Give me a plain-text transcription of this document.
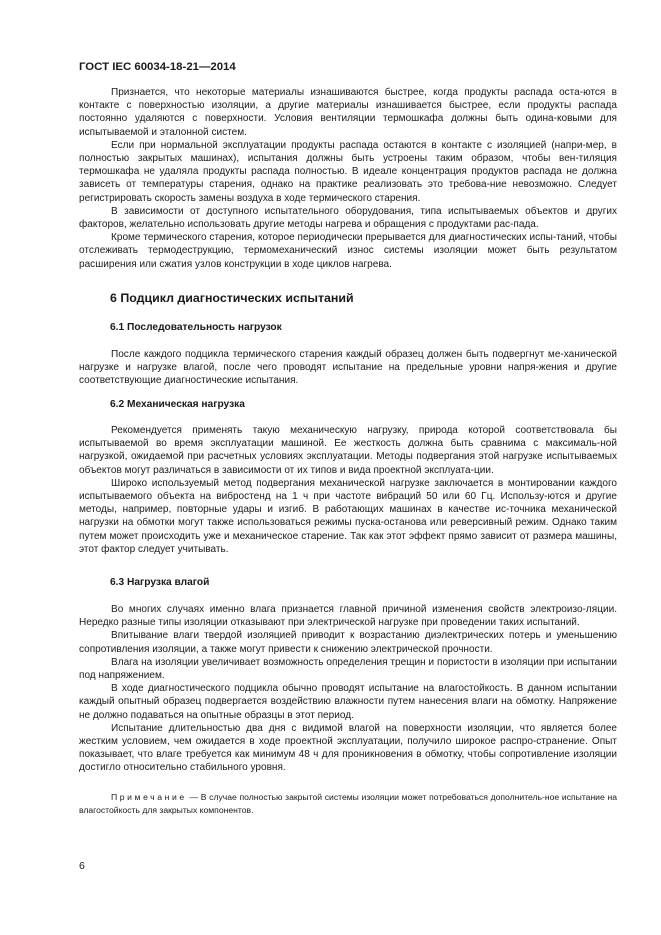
ГОСТ IEC 60034-18-21—2014

Признается, что некоторые материалы изнашиваются быстрее, когда продукты распада оста-ются в контакте с поверхностью изоляции, а другие материалы изнашивается быстрее, если продукты распада постоянно удаляются с поверхности. Условия вентиляции термошкафа должны быть одина-ковыми для испытываемой и эталонной систем.

Если при нормальной эксплуатации продукты распада остаются в контакте с изоляцией (напри-мер, в полностью закрытых машинах), испытания должны быть устроены таким образом, чтобы вен-тиляция термошкафа не удаляла продукты распада полностью. В идеале концентрация продуктов распада не должна зависеть от температуры старения, однако на практике реализовать это требова-ние невозможно. Следует регистрировать скорость замены воздуха в ходе термического старения.

В зависимости от доступного испытательного оборудования, типа испытываемых объектов и других факторов, желательно использовать другие методы нагрева и обращения с продуктами рас-пада.

Кроме термического старения, которое периодически прерывается для диагностических испы-таний, чтобы отслеживать термодеструкцию, термомеханический износ системы изоляции может быть результатом расширения или сжатия узлов конструкции в ходе циклов нагрева.

6 Подцикл диагностических испытаний
6.1 Последовательность нагрузок

После каждого подцикла термического старения каждый образец должен быть подвергнут ме-ханической нагрузке и нагрузке влагой, после чего проводят испытание на предельные уровни напря-жения и другие соответствующие диагностические испытания.

6.2 Механическая нагрузка

Рекомендуется применять такую механическую нагрузку, природа которой соответствовала бы испытываемой во время эксплуатации машиной. Ее жесткость должна быть сравнима с максималь-ной нагрузкой, ожидаемой при расчетных условиях эксплуатации. Методы подвергания этой нагрузке испытываемых объектов могут различаться в зависимости от их типов и вида проектной эксплуата-ции.

Широко используемый метод подвергания механической нагрузке заключается в монтировании каждого испытываемого объекта на вибростенд на 1 ч при частоте вибраций 50 или 60 Гц. Использу-ются и другие методы, например, повторные удары и изгиб. В работающих машинах в качестве ис-точника механической нагрузки на обмотки могут также использоваться режимы пуска-останова или реверсивный режим. Однако таким путем может происходить уже и механическое старение. Так как этот эффект прямо зависит от размера машины, этот фактор следует учитывать.

6.3 Нагрузка влагой

Во многих случаях именно влага признается главной причиной изменения свойств электроизо-ляции. Нередко разные типы изоляции отказывают при электрической нагрузке при проведении таких испытаний.

Впитывание влаги твердой изоляцией приводит к возрастанию диэлектрических потерь и уменьшению сопротивления изоляции, а также могут привести к снижению электрической прочности.

Влага на изоляции увеличивает возможность определения трещин и пористости в изоляции при испытании под напряжением.

В ходе диагностического подцикла обычно проводят испытание на влагостойкость. В данном испытании каждый опытный образец подвергается воздействию влажности путем нанесения влаги на обмотку. Напряжение не должно подаваться на опытные образцы в этот период.

Испытание длительностью два дня с видимой влагой на поверхности изоляции, что является более жестким условием, чем ожидается в ходе проектной эксплуатации, получило широкое распро-странение. Опыт показывает, что влаге требуется как минимум 48 ч для проникновения в обмотку, чтобы сопротивление изоляции достигло относительно стабильного уровня.

Примечание — В случае полностью закрытой системы изоляции может потребоваться дополнитель-ное испытание на влагостойкость для закрытых компонентов.

6
